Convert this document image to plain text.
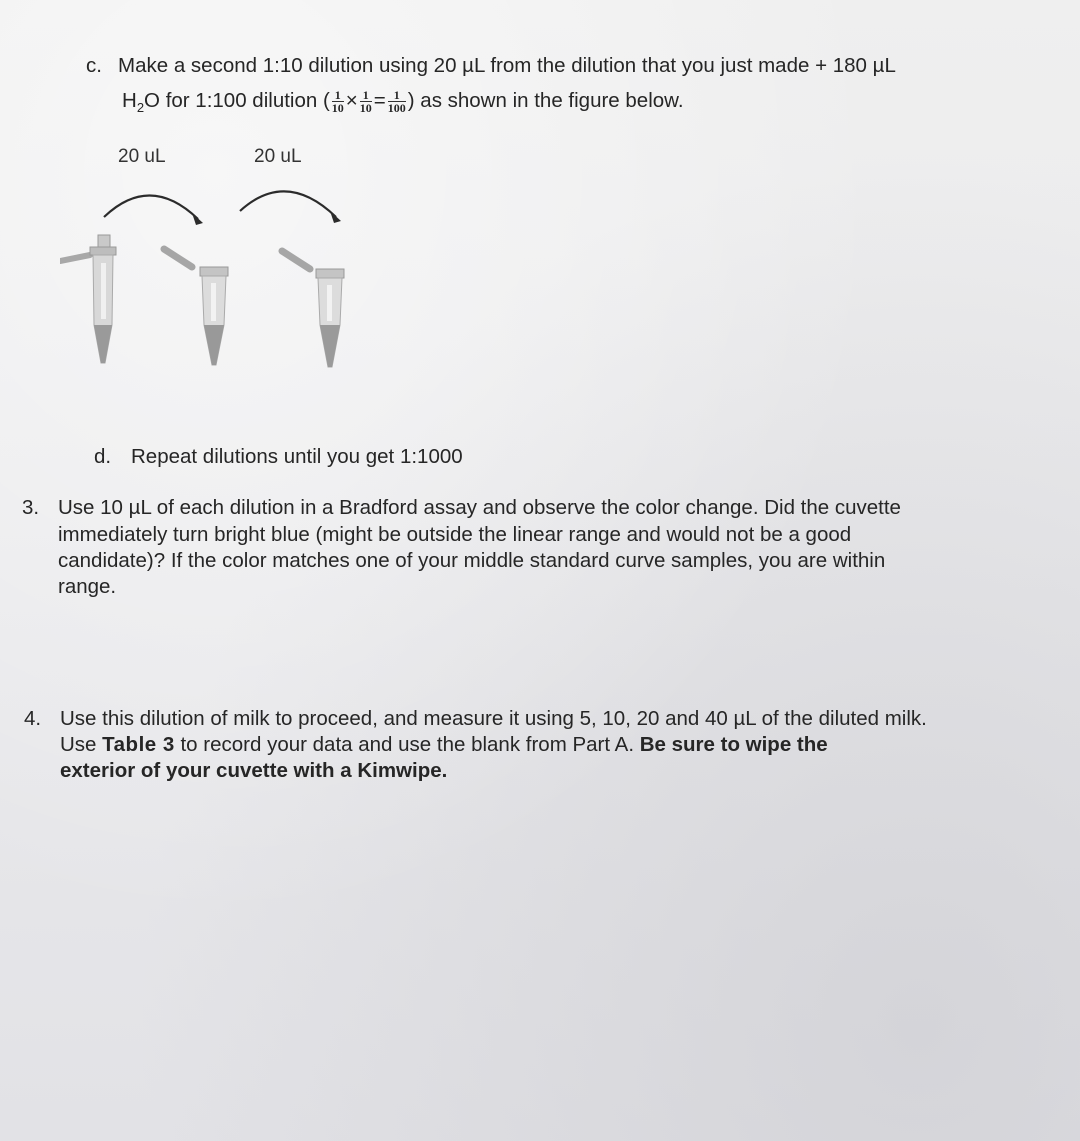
c. Make a second 1:10 dilution using 20 µL from the dilution that you just made + 180 µL
$H_2O$ for 1:100 dilution ( $\frac{1}{10} \times \frac{1}{10} = \frac{1}{100}$ ) as shown in the figure below.
20 uL	20 uL
d. Repeat dilutions until you get 1:1000
3. Use 10 µL of each dilution in a Bradford assay and observe the color change. Did the cuvette
immediately turn bright blue (might be outside the linear range and would not be a good
candidate)? If the color matches one of your middle standard curve samples, you are within
range.
4. Use this dilution of milk to proceed, and measure it using 5, 10, 20 and 40 µL of the diluted milk.
Use Table 3 to record your data and use the blank from Part A. Be sure to wipe the
exterior of your cuvette with a Kimwipe.
